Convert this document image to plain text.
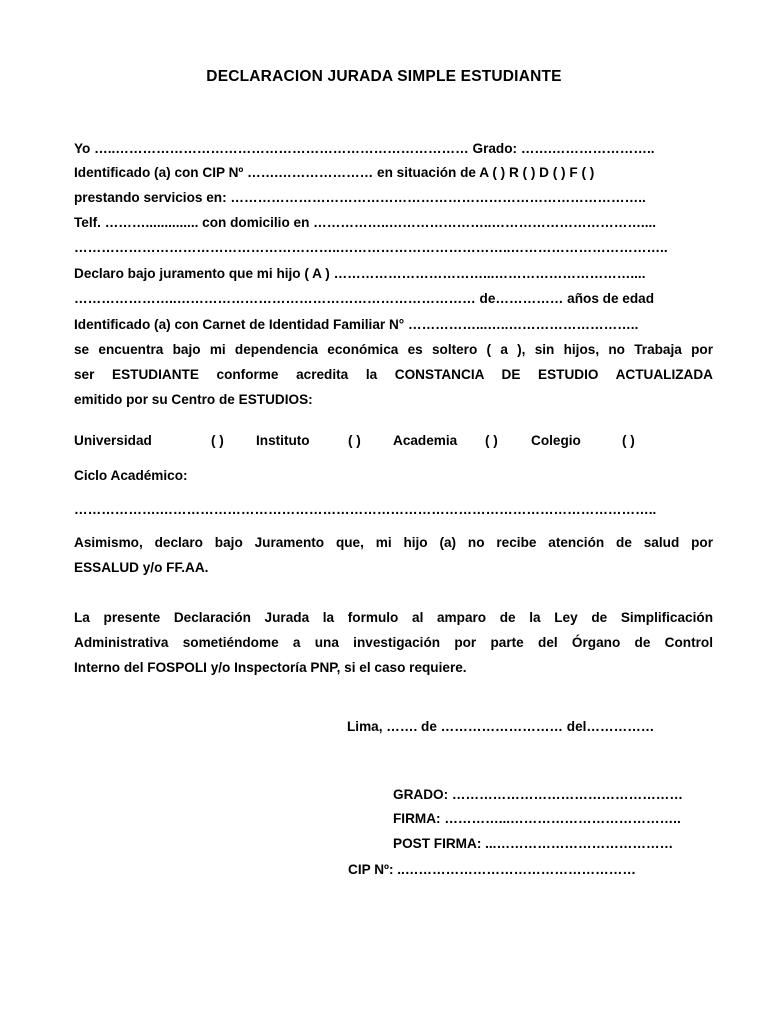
DECLARACION JURADA SIMPLE ESTUDIANTE
Yo …..…………………………………………………………………… Grado: …….…………………..
Identificado (a) con CIP Nº …….………………… en situación de A ( ) R ( ) D ( ) F ( )
prestando servicios en: ………………………………………………………………………………..
Telf. ……….............. con domicilio en ……………..…………………..……………………………....
…………………………………………………..………………………………..……………………………..
Declaro bajo juramento que mi hijo ( A ) ……………………………...…………………………....
…………………..………………………………………………………… de…………… años de edad
Identificado (a) con Carnet de Identidad Familiar N° ……………...…..………………………..
se encuentra bajo mi dependencia económica es soltero ( a ), sin hijos, no Trabaja por
ser ESTUDIANTE conforme acredita la CONSTANCIA DE ESTUDIO ACTUALIZADA
emitido por su Centro de ESTUDIOS:
Universidad	( ) Instituto	( ) Academia ( ) Colegio	( )
Ciclo Académico:
……………….………………………………………………………………………………………………..
Asimismo, declaro bajo Juramento que, mi hijo (a) no recibe atención de salud por
ESSALUD y/o FF.AA.
La presente Declaración Jurada la formulo al amparo de la Ley de Simplificación
Administrativa sometiéndome a una investigación por parte del Órgano de Control
Interno del FOSPOLI y/o Inspectoría PNP, si el caso requiere.
Lima, ……. de ……………………… del……………
GRADO: ……………………………………………
FIRMA: …………...………………………………..
POST FIRMA: ...…………………………………
CIP Nº: ..……………………………………………
